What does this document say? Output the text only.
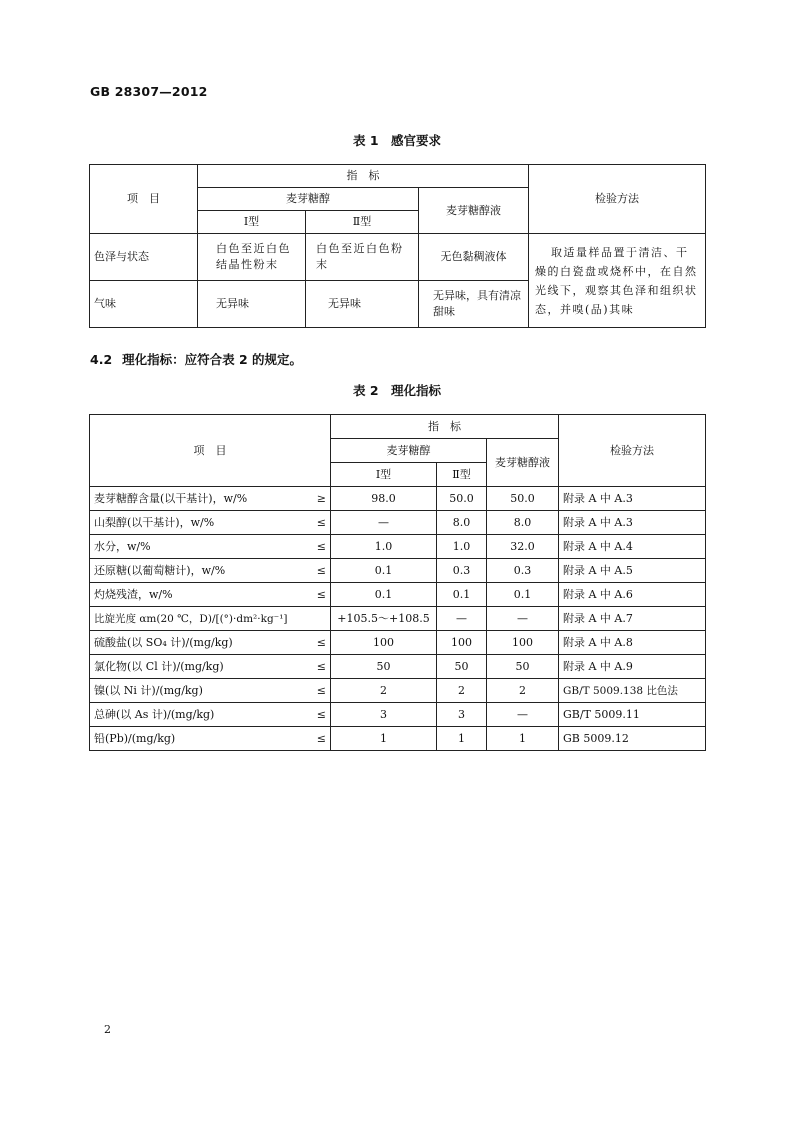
GB 28307—2012
表 1 感官要求
项　目	指　标			检验方法
	麦芽糖醇		麦芽糖醇液	
	Ⅰ型	Ⅱ型		
色泽与状态	白色至近白色结晶性粉末	白色至近白色粉末	无色黏稠液体	取适量样品置于清洁、干燥的白瓷盘或烧杯中，在自然光线下，观察其色泽和组织状态，并嗅(品)其味
气味	无异味	无异味	无异味，具有清凉甜味	
4.2 理化指标：应符合表 2 的规定。
表 2 理化指标
项　目	指　标			检验方法
	麦芽糖醇		麦芽糖醇液	
	Ⅰ型	Ⅱ型		
麦芽糖醇含量(以干基计)，w/% ≥	98.0	50.0	50.0	附录 A 中 A.3
山梨醇(以干基计)，w/% ≤	—	8.0	8.0	附录 A 中 A.3
水分，w/% ≤	1.0	1.0	32.0	附录 A 中 A.4
还原糖(以葡萄糖计)，w/% ≤	0.1	0.3	0.3	附录 A 中 A.5
灼烧残渣，w/% ≤	0.1	0.1	0.1	附录 A 中 A.6
比旋光度 αm(20 ℃，D)/[(°)·dm²·kg⁻¹]	+105.5～+108.5	—	—	附录 A 中 A.7
硫酸盐(以 SO₄ 计)/(mg/kg) ≤	100	100	100	附录 A 中 A.8
氯化物(以 Cl 计)/(mg/kg) ≤	50	50	50	附录 A 中 A.9
镍(以 Ni 计)/(mg/kg) ≤	2	2	2	GB/T 5009.138 比色法
总砷(以 As 计)/(mg/kg) ≤	3	3	—	GB/T 5009.11
铅(Pb)/(mg/kg) ≤	1	1	1	GB 5009.12
2
